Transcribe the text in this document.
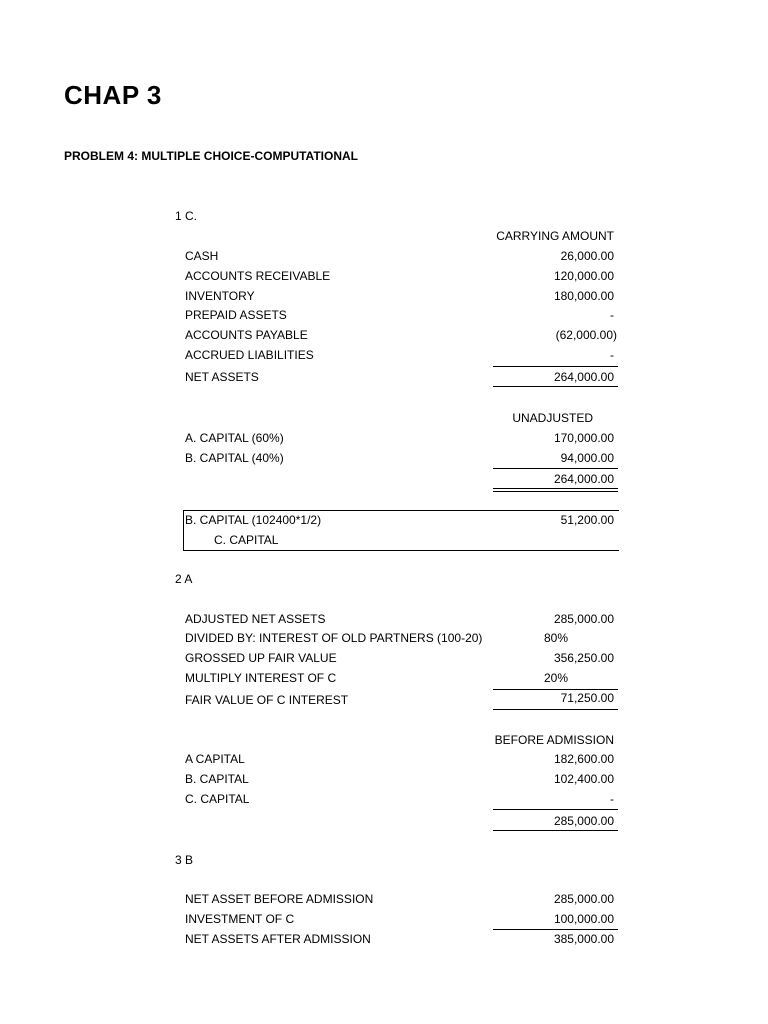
CHAP 3
PROBLEM 4: MULTIPLE CHOICE-COMPUTATIONAL
1 C.
CARRYING AMOUNT
CASH	26,000.00
ACCOUNTS RECEIVABLE	120,000.00
INVENTORY	180,000.00
PREPAID ASSETS	-
ACCOUNTS PAYABLE	(62,000.00)
ACCRUED LIABILITIES	-
NET ASSETS	264,000.00
UNADJUSTED
A. CAPITAL (60%)	170,000.00
B. CAPITAL (40%)	94,000.00
264,000.00
B. CAPITAL (102400*1/2)	51,200.00
C. CAPITAL
2 A
ADJUSTED NET ASSETS	285,000.00
DIVIDED BY: INTEREST OF OLD PARTNERS (100-20)	80%
GROSSED UP FAIR VALUE	356,250.00
MULTIPLY INTEREST OF C	20%
FAIR VALUE OF C INTEREST	71,250.00
BEFORE ADMISSION
A CAPITAL	182,600.00
B. CAPITAL	102,400.00
C. CAPITAL	-
285,000.00
3 B
NET ASSET BEFORE ADMISSION	285,000.00
INVESTMENT OF C	100,000.00
NET ASSETS AFTER ADMISSION	385,000.00
